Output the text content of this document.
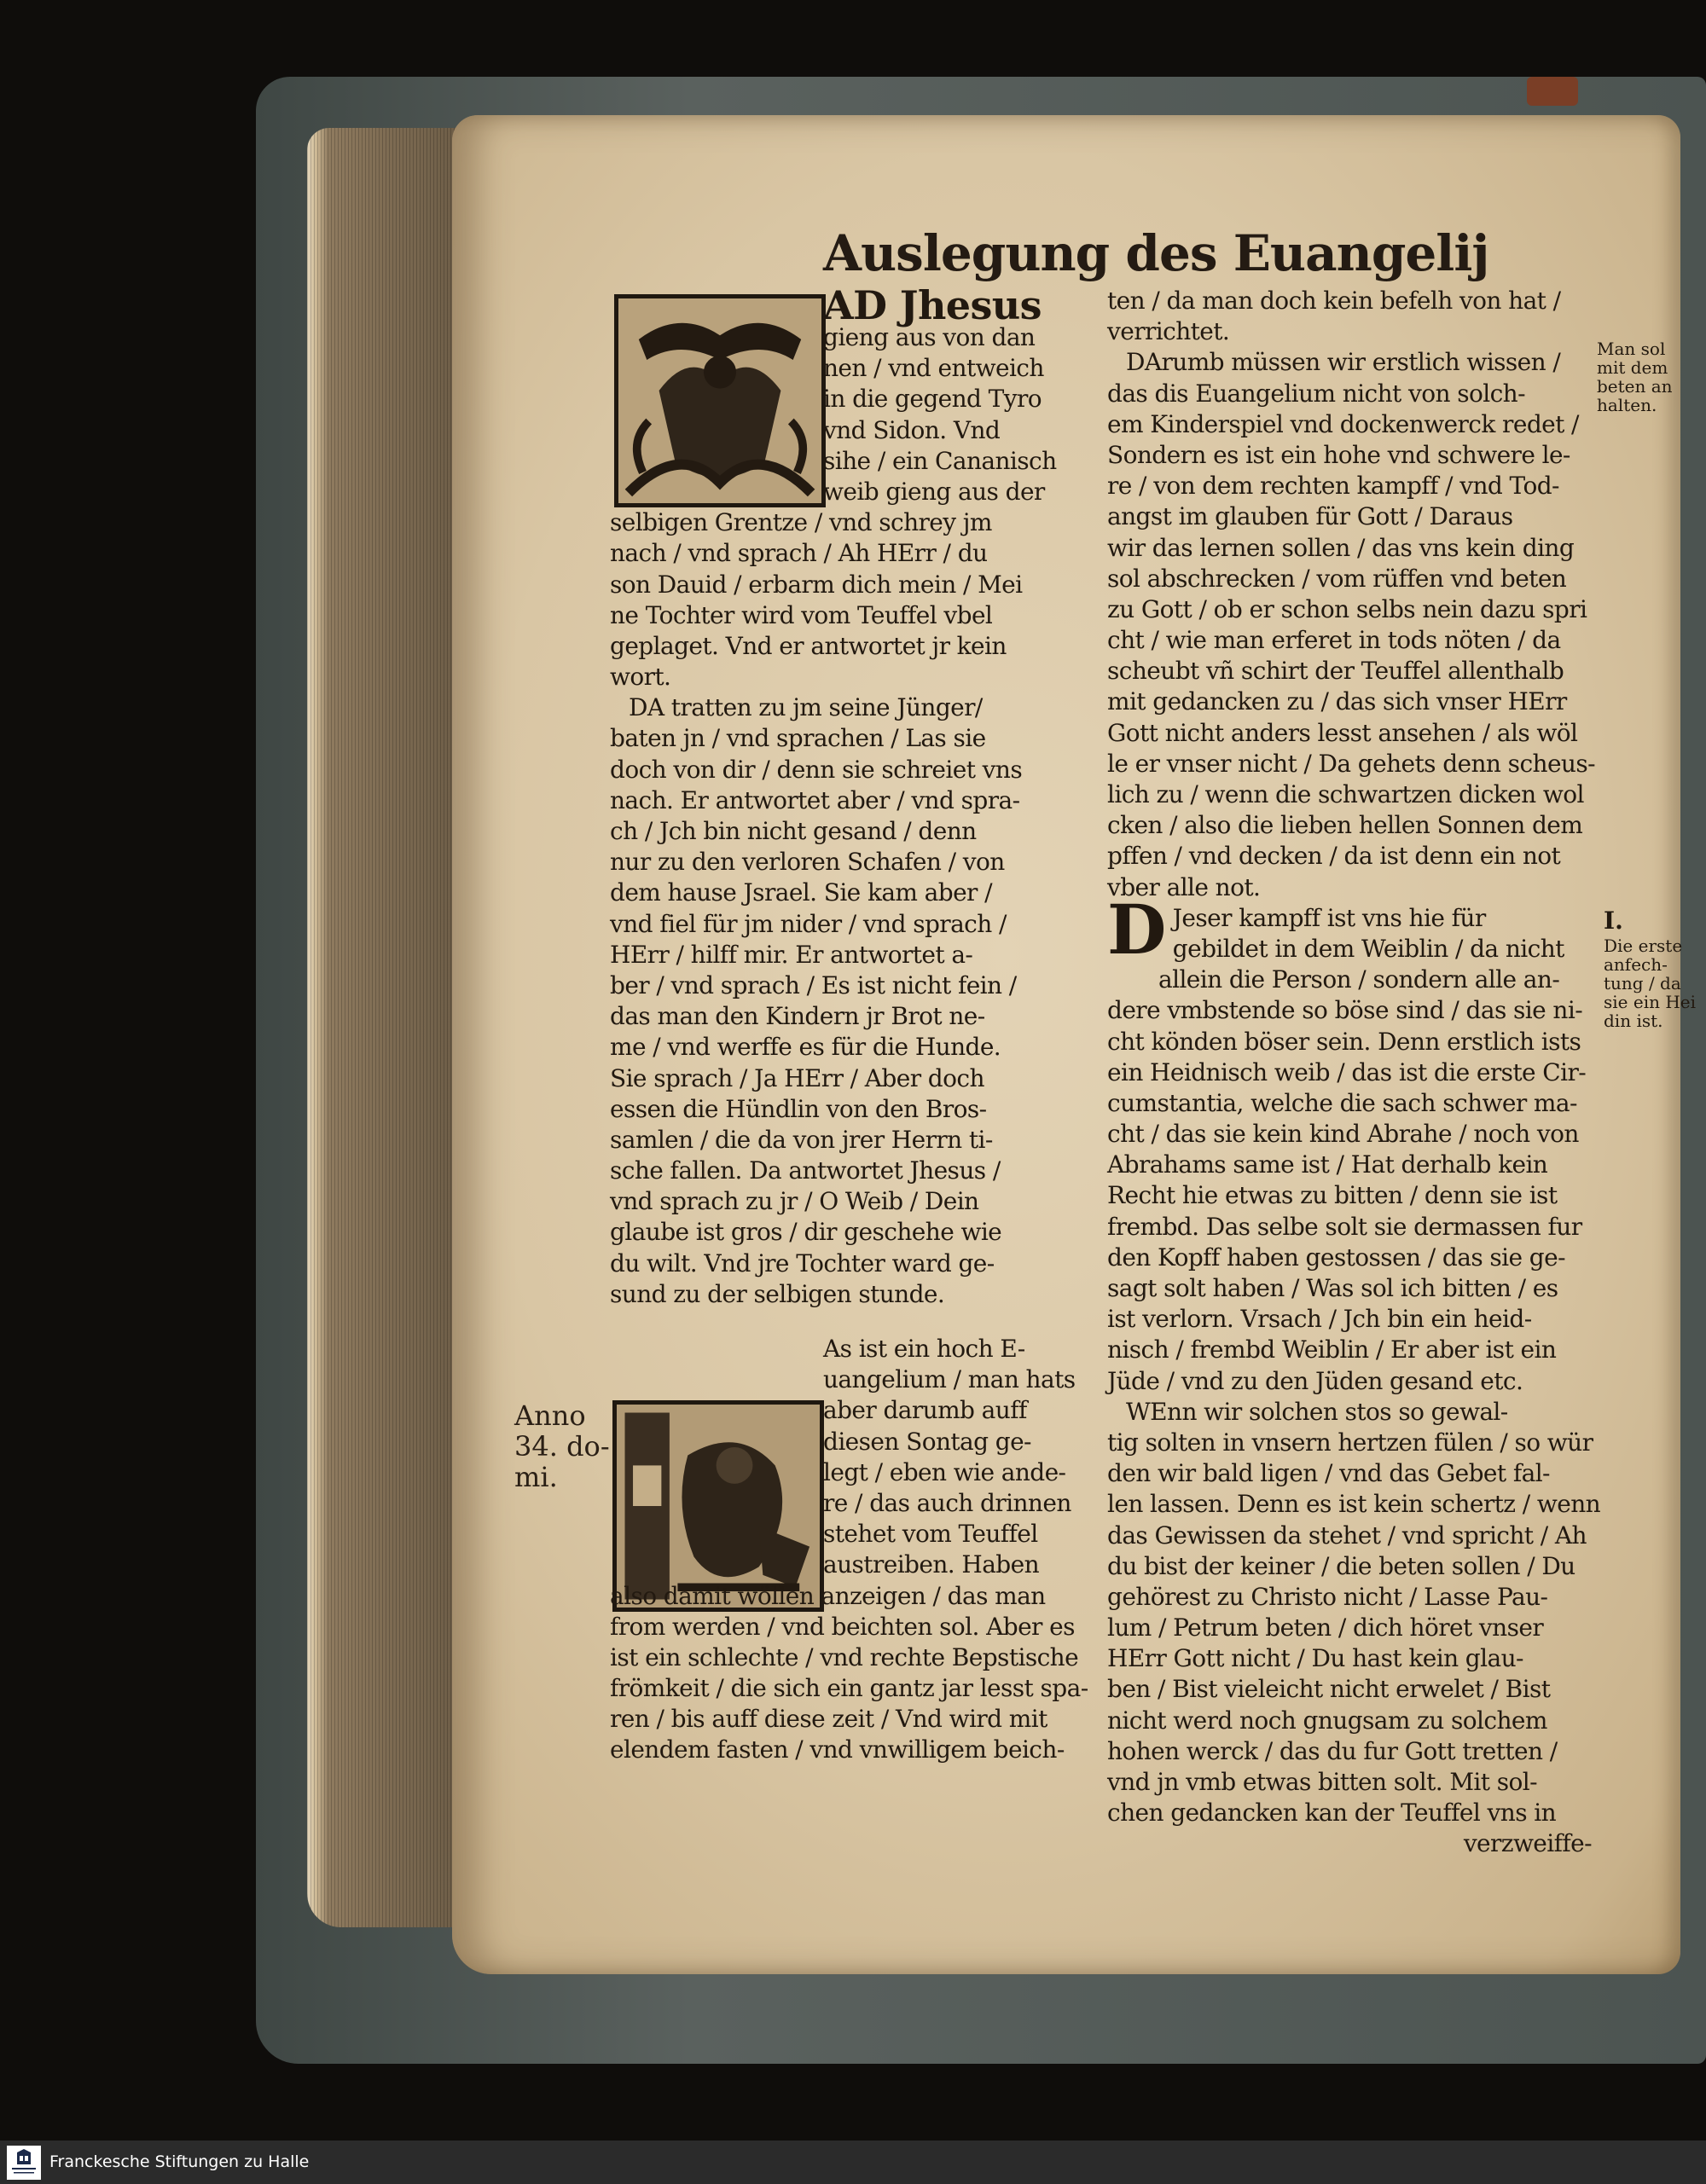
Auslegung des Euangelij
AD Jhesus
gieng aus von dan
nen / vnd entweich
in die gegend Tyro
vnd Sidon. Vnd
sihe / ein Cananisch
weib gieng aus der
selbigen Grentze / vnd schrey jm
nach / vnd sprach / Ah HErr / du
son Dauid / erbarm dich mein / Mei
ne Tochter wird vom Teuffel vbel
geplaget. Vnd er antwortet jr kein
wort.
DA tratten zu jm seine Jünger/
baten jn / vnd sprachen / Las sie
doch von dir / denn sie schreiet vns
nach. Er antwortet aber / vnd spra-
ch / Jch bin nicht gesand / denn
nur zu den verloren Schafen / von
dem hause Jsrael. Sie kam aber /
vnd fiel für jm nider / vnd sprach /
HErr / hilff mir. Er antwortet a-
ber / vnd sprach / Es ist nicht fein /
das man den Kindern jr Brot ne-
me / vnd werffe es für die Hunde.
Sie sprach / Ja HErr / Aber doch
essen die Hündlin von den Bros-
samlen / die da von jrer Herrn ti-
sche fallen. Da antwortet Jhesus /
vnd sprach zu jr / O Weib / Dein
glaube ist gros / dir geschehe wie
du wilt. Vnd jre Tochter ward ge-
sund zu der selbigen stunde.
As ist ein hoch E-
uangelium / man hats
aber darumb auff
diesen Sontag ge-
legt / eben wie ande-
re / das auch drinnen
stehet vom Teuffel
austreiben. Haben
also damit wöllen anzeigen / das man
from werden / vnd beichten sol. Aber es
ist ein schlechte / vnd rechte Bepstische
frömkeit / die sich ein gantz jar lesst spa-
ren / bis auff diese zeit / Vnd wird mit
elendem fasten / vnd vnwilligem beich-
ten / da man doch kein befelh von hat /
verrichtet.
DArumb müssen wir erstlich wissen /
das dis Euangelium nicht von solch-
em Kinderspiel vnd dockenwerck redet /
Sondern es ist ein hohe vnd schwere le-
re / von dem rechten kampff / vnd Tod-
angst im glauben für Gott / Daraus
wir das lernen sollen / das vns kein ding
sol abschrecken / vom rüffen vnd beten
zu Gott / ob er schon selbs nein dazu spri
cht / wie man erferet in tods nöten / da
scheubt vñ schirt der Teuffel allenthalb
mit gedancken zu / das sich vnser HErr
Gott nicht anders lesst ansehen / als wöl
le er vnser nicht / Da gehets denn scheus-
lich zu / wenn die schwartzen dicken wol
cken / also die lieben hellen Sonnen dem
pffen / vnd decken / da ist denn ein not
vber alle not.
D Jeser kampff ist vns hie für
gebildet in dem Weiblin / da nicht
allein die Person / sondern alle an-
dere vmbstende so böse sind / das sie ni-
cht könden böser sein. Denn erstlich ists
ein Heidnisch weib / das ist die erste Cir-
cumstantia, welche die sach schwer ma-
cht / das sie kein kind Abrahe / noch von
Abrahams same ist / Hat derhalb kein
Recht hie etwas zu bitten / denn sie ist
frembd. Das selbe solt sie dermassen fur
den Kopff haben gestossen / das sie ge-
sagt solt haben / Was sol ich bitten / es
ist verlorn. Vrsach / Jch bin ein heid-
nisch / frembd Weiblin / Er aber ist ein
Jüde / vnd zu den Jüden gesand etc.
WEnn wir solchen stos so gewal-
tig solten in vnsern hertzen fülen / so wür
den wir bald ligen / vnd das Gebet fal-
len lassen. Denn es ist kein schertz / wenn
das Gewissen da stehet / vnd spricht / Ah
du bist der keiner / die beten sollen / Du
gehörest zu Christo nicht / Lasse Pau-
lum / Petrum beten / dich höret vnser
HErr Gott nicht / Du hast kein glau-
ben / Bist vieleicht nicht erwelet / Bist
nicht werd noch gnugsam zu solchem
hohen werck / das du fur Gott tretten /
vnd jn vmb etwas bitten solt. Mit sol-
chen gedancken kan der Teuffel vns in
verzweiffe-
Man sol
mit dem
beten an
halten.
I.
Die erste
anfech-
tung / da
sie ein Hei
din ist.
Anno
34. do-
mi.
Franckesche Stiftungen zu Halle
